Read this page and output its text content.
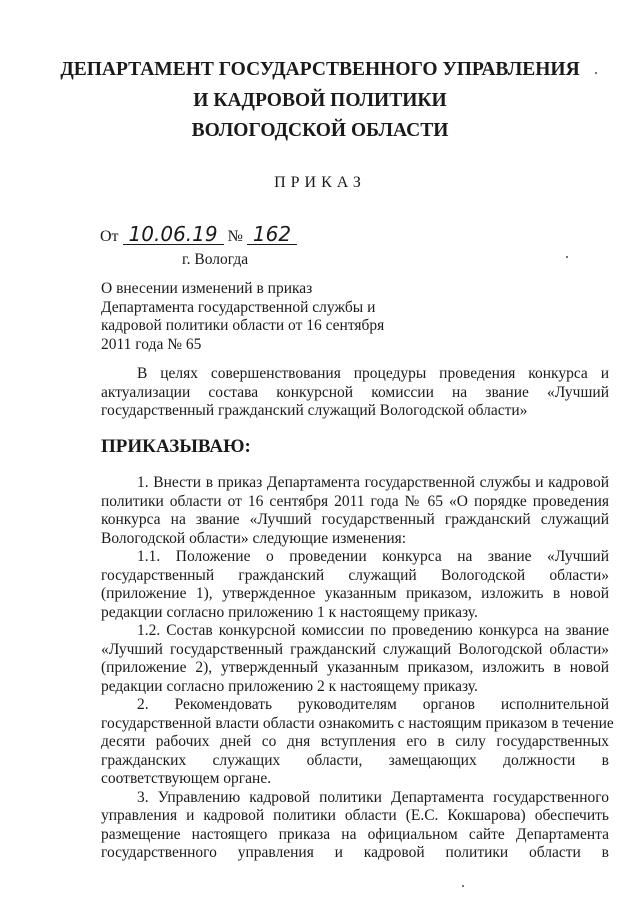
ДЕПАРТАМЕНТ ГОСУДАРСТВЕННОГО УПРАВЛЕНИЯ
И КАДРОВОЙ ПОЛИТИКИ
ВОЛОГОДСКОЙ ОБЛАСТИ
ПРИКАЗ
От 10.06.19 № 162
г. Вологда
О внесении изменений в приказ
Департамента государственной службы и
кадровой политики области от 16 сентября
2011 года № 65
В целях совершенствования процедуры проведения конкурса и
актуализации состава конкурсной комиссии на звание «Лучший
государственный гражданский служащий Вологодской области»
ПРИКАЗЫВАЮ:
1. Внести в приказ Департамента государственной службы и кадровой
политики области от 16 сентября 2011 года № 65 «О порядке проведения
конкурса на звание «Лучший государственный гражданский служащий
Вологодской области» следующие изменения:
1.1. Положение о проведении конкурса на звание «Лучший
государственный гражданский служащий Вологодской области»
(приложение 1), утвержденное указанным приказом, изложить в новой
редакции согласно приложению 1 к настоящему приказу.
1.2. Состав конкурсной комиссии по проведению конкурса на звание
«Лучший государственный гражданский служащий Вологодской области»
(приложение 2), утвержденный указанным приказом, изложить в новой
редакции согласно приложению 2 к настоящему приказу.
2. Рекомендовать руководителям органов исполнительной
государственной власти области ознакомить с настоящим приказом в течение
десяти рабочих дней со дня вступления его в силу государственных
гражданских служащих области, замещающих должности в
соответствующем органе.
3. Управлению кадровой политики Департамента государственного
управления и кадровой политики области (Е.С. Кокшарова) обеспечить
размещение настоящего приказа на официальном сайте Департамента
государственного управления и кадровой политики области в
